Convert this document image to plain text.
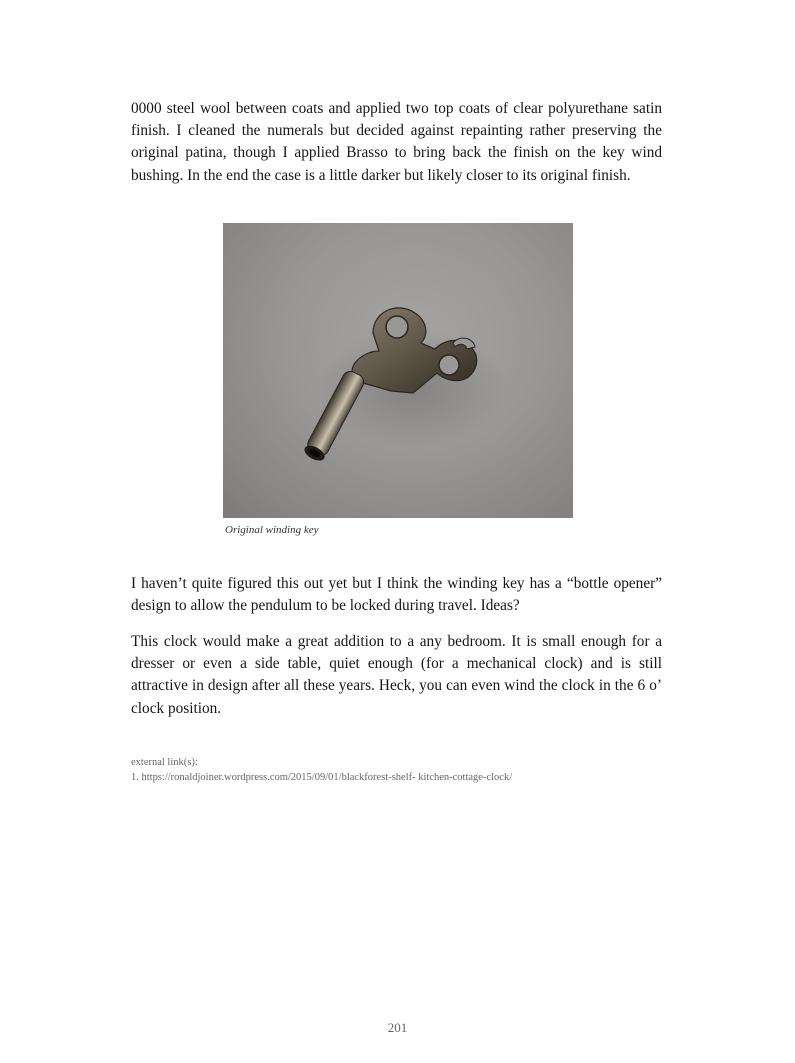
0000 steel wool between coats and applied two top coats of clear polyurethane satin finish. I cleaned the numerals but decided against repainting rather preserving the original patina, though I applied Brasso to bring back the finish on the key wind bushing. In the end the case is a little darker but likely closer to its original finish.

Original winding key

I haven’t quite figured this out yet but I think the winding key has a “bottle opener” design to allow the pendulum to be locked during travel. Ideas?

This clock would make a great addition to a any bedroom. It is small enough for a dresser or even a side table, quiet enough (for a mechanical clock) and is still attractive in design after all these years. Heck, you can even wind the clock in the 6 o’ clock position.

external link(s):
1. https://ronaldjoiner.wordpress.com/2015/09/01/blackforest-shelf- kitchen-cottage-clock/
201
